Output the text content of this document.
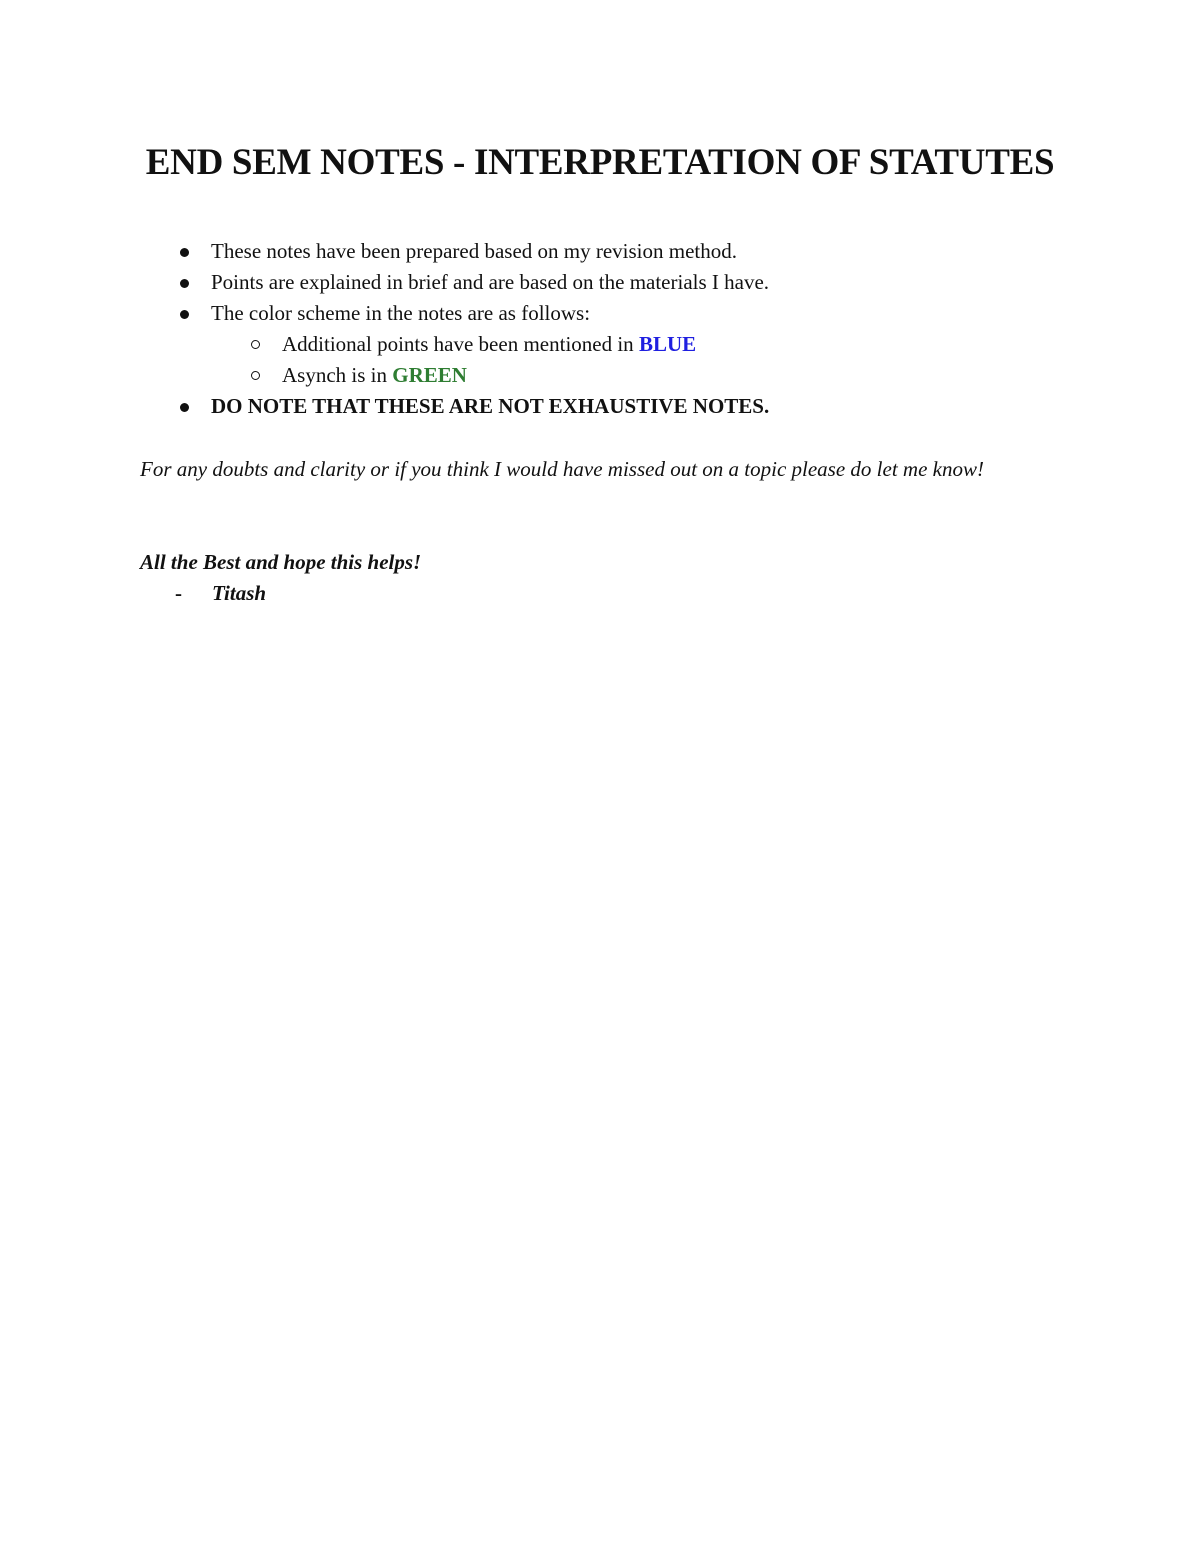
END SEM NOTES - INTERPRETATION OF STATUTES
These notes have been prepared based on my revision method.
Points are explained in brief and are based on the materials I have.
The color scheme in the notes are as follows:
Additional points have been mentioned in BLUE
Asynch is in GREEN
DO NOTE THAT THESE ARE NOT EXHAUSTIVE NOTES.

For any doubts and clarity or if you think I would have missed out on a topic please do let me know!

All the Best and hope this helps!

- Titash
